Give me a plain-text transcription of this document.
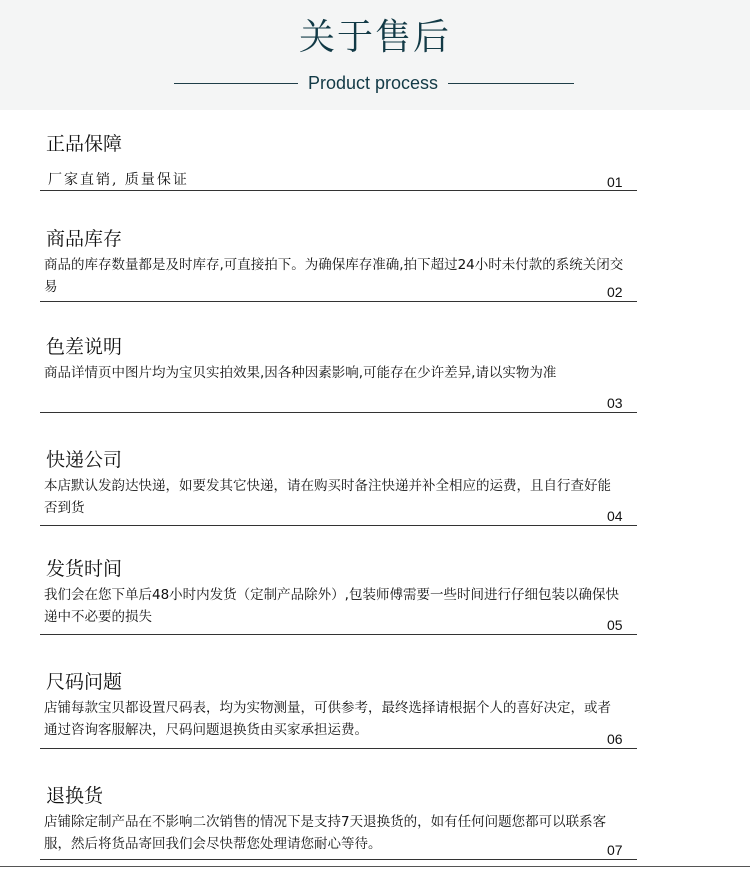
关于售后
Product process
正品保障
厂家直销, 质量保证	01
商品库存
商品的库存数量都是及时库存,可直接拍下。为确保库存准确,拍下超过24小时未付款的系统关闭交易	02
色差说明
商品详情页中图片均为宝贝实拍效果,因各种因素影响,可能存在少许差异,请以实物为准
03
快递公司
本店默认发韵达快递，如要发其它快递，请在购买时备注快递并补全相应的运费，且自行查好能否到货	04
发货时间
我们会在您下单后48小时内发货（定制产品除外）,包装师傅需要一些时间进行仔细包装以确保快递中不必要的损失	05
尺码问题
店铺每款宝贝都设置尺码表，均为实物测量，可供参考，最终选择请根据个人的喜好决定，或者通过咨询客服解决，尺码问题退换货由买家承担运费。
06
退换货
店铺除定制产品在不影响二次销售的情况下是支持7天退换货的，如有任何问题您都可以联系客服，然后将货品寄回我们会尽快帮您处理请您耐心等待。	07
